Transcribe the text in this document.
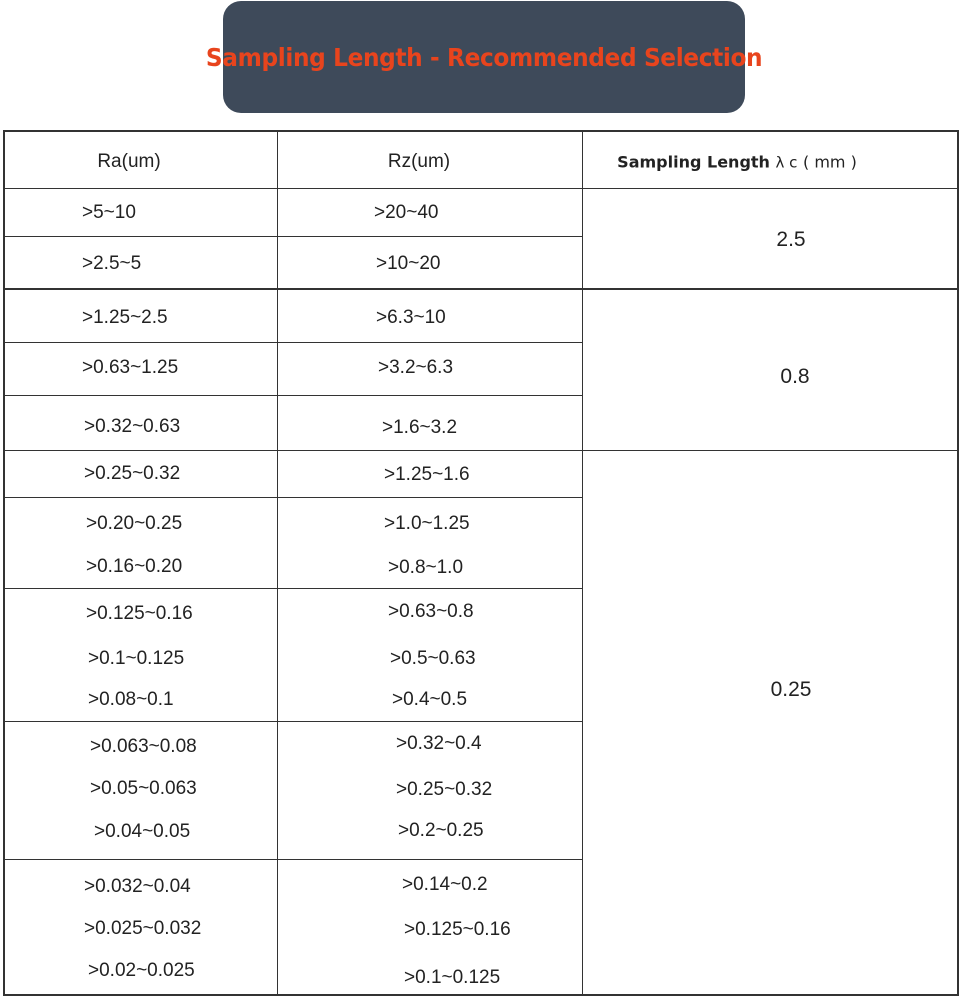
Sampling Length - Recommended Selection
Ra(um)	Rz(um)	Sampling Length λ c ( mm )
>5~10	>20~40
>2.5~5	>10~20
2.5
>1.25~2.5	>6.3~10
>0.63~1.25	>3.2~6.3
>0.32~0.63	>1.6~3.2
0.8
>0.25~0.32	>1.25~1.6
>0.20~0.25	>1.0~1.25
>0.16~0.20	>0.8~1.0
>0.125~0.16	>0.63~0.8
>0.1~0.125	>0.5~0.63
>0.08~0.1	>0.4~0.5
>0.063~0.08	>0.32~0.4
>0.05~0.063	>0.25~0.32
>0.04~0.05	>0.2~0.25
>0.032~0.04	>0.14~0.2
>0.025~0.032	>0.125~0.16
>0.02~0.025	>0.1~0.125
0.25
